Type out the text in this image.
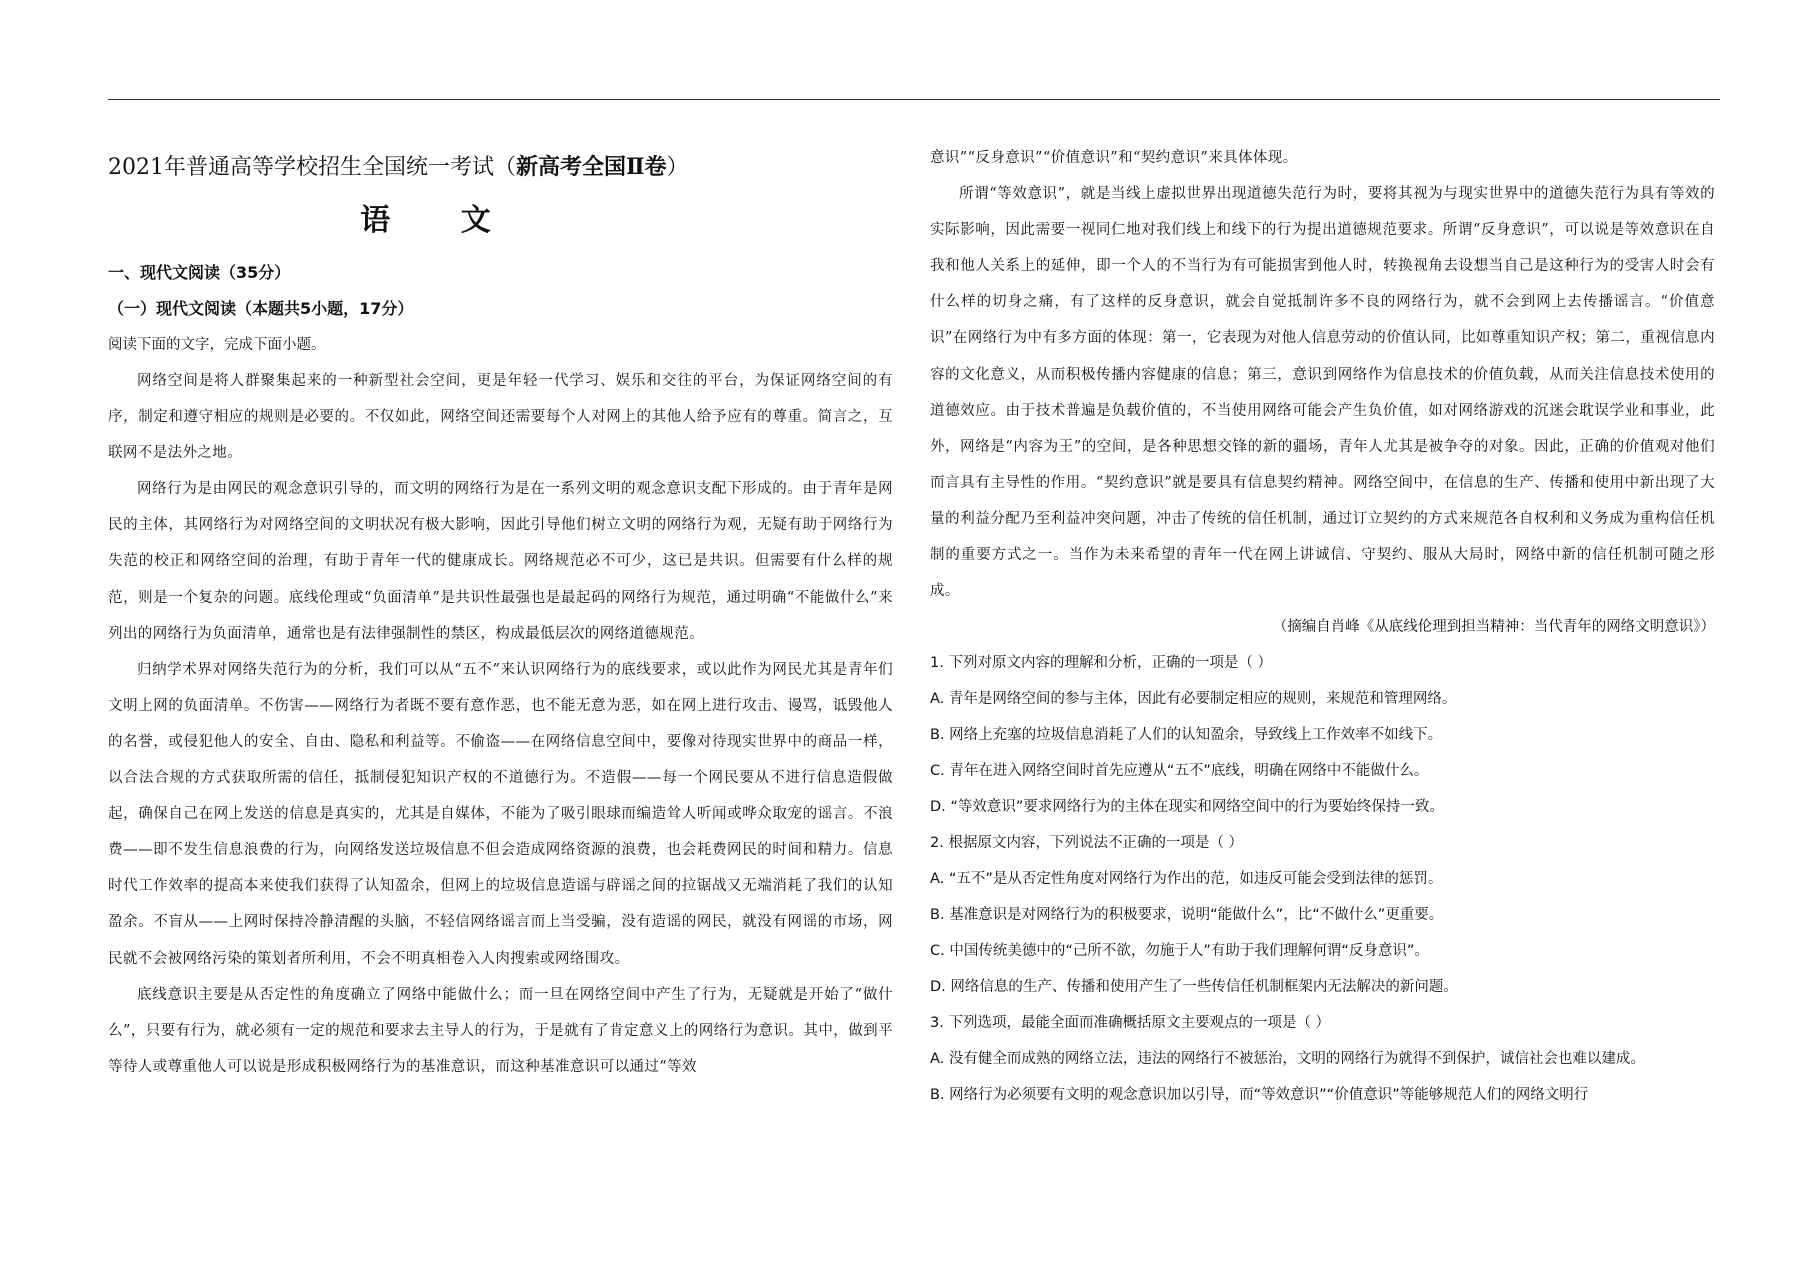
2021年普通高等学校招生全国统一考试（新高考全国Ⅱ卷）
语 文
一、现代文阅读（35分）
（一）现代文阅读（本题共5小题，17分）
阅读下面的文字，完成下面小题。

网络空间是将人群聚集起来的一种新型社会空间，更是年轻一代学习、娱乐和交往的平台，为保证网络空间的有序，制定和遵守相应的规则是必要的。不仅如此，网络空间还需要每个人对网上的其他人给予应有的尊重。简言之，互联网不是法外之地。

网络行为是由网民的观念意识引导的，而文明的网络行为是在一系列文明的观念意识支配下形成的。由于青年是网民的主体，其网络行为对网络空间的文明状况有极大影响，因此引导他们树立文明的网络行为观，无疑有助于网络行为失范的校正和网络空间的治理，有助于青年一代的健康成长。网络规范必不可少，这已是共识。但需要有什么样的规范，则是一个复杂的问题。底线伦理或“负面清单”是共识性最强也是最起码的网络行为规范，通过明确“不能做什么”来列出的网络行为负面清单，通常也是有法律强制性的禁区，构成最低层次的网络道德规范。

归纳学术界对网络失范行为的分析，我们可以从“五不”来认识网络行为的底线要求，或以此作为网民尤其是青年们文明上网的负面清单。不伤害——网络行为者既不要有意作恶，也不能无意为恶，如在网上进行攻击、谩骂，诋毁他人的名誉，或侵犯他人的安全、自由、隐私和利益等。不偷盗——在网络信息空间中，要像对待现实世界中的商品一样，以合法合规的方式获取所需的信任，抵制侵犯知识产权的不道德行为。不造假——每一个网民要从不进行信息造假做起，确保自己在网上发送的信息是真实的，尤其是自媒体，不能为了吸引眼球而编造耸人听闻或哗众取宠的谣言。不浪费——即不发生信息浪费的行为，向网络发送垃圾信息不但会造成网络资源的浪费，也会耗费网民的时间和精力。信息时代工作效率的提高本来使我们获得了认知盈余，但网上的垃圾信息造谣与辟谣之间的拉锯战又无端消耗了我们的认知盈余。不盲从——上网时保持冷静清醒的头脑，不轻信网络谣言而上当受骗，没有造谣的网民，就没有网谣的市场，网民就不会被网络污染的策划者所利用，不会不明真相卷入人肉搜索或网络围攻。

底线意识主要是从否定性的角度确立了网络中能做什么；而一旦在网络空间中产生了行为，无疑就是开始了“做什么”，只要有行为，就必须有一定的规范和要求去主导人的行为，于是就有了肯定意义上的网络行为意识。其中，做到平等待人或尊重他人可以说是形成积极网络行为的基准意识，而这种基准意识可以通过“等效

意识”“反身意识”“价值意识”和“契约意识”来具体体现。

所谓“等效意识”，就是当线上虚拟世界出现道德失范行为时，要将其视为与现实世界中的道德失范行为具有等效的实际影响，因此需要一视同仁地对我们线上和线下的行为提出道德规范要求。所谓“反身意识”，可以说是等效意识在自我和他人关系上的延伸，即一个人的不当行为有可能损害到他人时，转换视角去设想当自己是这种行为的受害人时会有什么样的切身之痛，有了这样的反身意识，就会自觉抵制许多不良的网络行为，就不会到网上去传播谣言。“价值意识”在网络行为中有多方面的体现：第一，它表现为对他人信息劳动的价值认同，比如尊重知识产权；第二，重视信息内容的文化意义，从而积极传播内容健康的信息；第三，意识到网络作为信息技术的价值负载，从而关注信息技术使用的道德效应。由于技术普遍是负载价值的，不当使用网络可能会产生负价值，如对网络游戏的沉迷会耽误学业和事业，此外，网络是“内容为王”的空间，是各种思想交锋的新的疆场，青年人尤其是被争夺的对象。因此，正确的价值观对他们而言具有主导性的作用。“契约意识”就是要具有信息契约精神。网络空间中，在信息的生产、传播和使用中新出现了大量的利益分配乃至利益冲突问题，冲击了传统的信任机制，通过订立契约的方式来规范各自权利和义务成为重构信任机制的重要方式之一。当作为未来希望的青年一代在网上讲诚信、守契约、服从大局时，网络中新的信任机制可随之形成。

（摘编自肖峰《从底线伦理到担当精神：当代青年的网络文明意识》）
1. 下列对原文内容的理解和分析，正确的一项是（ ）
A. 青年是网络空间的参与主体，因此有必要制定相应的规则，来规范和管理网络。
B. 网络上充塞的垃圾信息消耗了人们的认知盈余，导致线上工作效率不如线下。
C. 青年在进入网络空间时首先应遵从“五不”底线，明确在网络中不能做什么。
D. “等效意识”要求网络行为的主体在现实和网络空间中的行为要始终保持一致。
2. 根据原文内容，下列说法不正确的一项是（ ）
A. “五不”是从否定性角度对网络行为作出的范，如违反可能会受到法律的惩罚。
B. 基准意识是对网络行为的积极要求，说明“能做什么”，比“不做什么”更重要。
C. 中国传统美德中的“己所不欲，勿施于人”有助于我们理解何谓“反身意识”。
D. 网络信息的生产、传播和使用产生了一些传信任机制框架内无法解决的新问题。
3. 下列选项，最能全面而准确概括原文主要观点的一项是（ ）
A. 没有健全而成熟的网络立法，违法的网络行不被惩治，文明的网络行为就得不到保护，诚信社会也难以建成。
B. 网络行为必须要有文明的观念意识加以引导，而“等效意识”“价值意识”等能够规范人们的网络文明行
